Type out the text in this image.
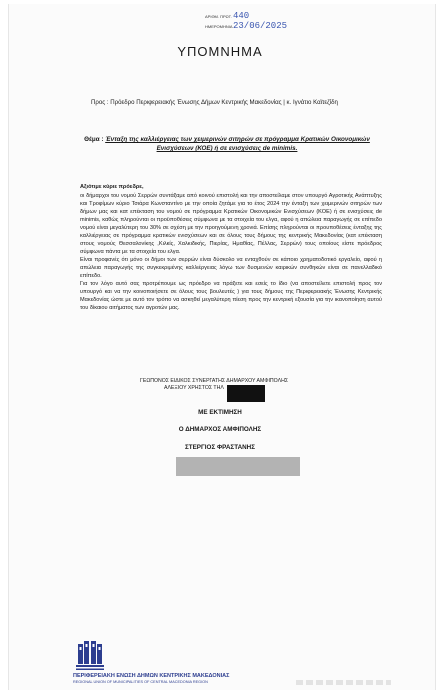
ΑΡΙΘΜ. ΠΡΩΤ.440
ΗΜΕΡΟΜΗΝΙΑ23/06/2025
ΥΠΟΜΝΗΜΑ
Προς : Πρόεδρο Περιφερειακής Ένωσης Δήμων Κεντρικής Μακεδονίας | κ. Ιγνάτιο Καϊτεζίδη
Θέμα : Ένταξη της καλλιέργειας των χειμερινών σιτηρών σε πρόγραμμα Κρατικών Οικονομικών Ενισχύσεων (ΚΟΕ) ή σε ενισχύσεις de minimis.

Αξιότιμε κύριε πρόεδρε,

οι δήμαρχοι του νομού Σερρών συντάξαμε από κοινού επιστολή και την αποστείλαμε στον υπουργό Αγροτικής Ανάπτυξης και Τροφίμων κύριο Τσιάρα Κωνσταντίνο με την οποία ζητάμε για το έτος 2024 την ένταξη των χειμερινών σιτηρών των δήμων μας και κατ επέκταση του νομού σε πρόγραμμα Κρατικών Οικονομικών Ενισχύσεων (ΚΟΕ) ή σε ενισχύσεις de minimis, καθώς πληρούνται οι προϋποθέσεις σύμφωνα με τα στοιχεία του ελγα, αφού η απώλεια παραγωγής σε επίπεδο νομού είναι μεγαλύτερη του 30% σε σχέση με την προηγούμενη χρονιά. Επίσης πληρούνται οι προυποθέσεις ένταξης της καλλιέργειας σε πρόγραμμα κρατικών ενισχύσεων και σε όλους τους δήμους της κεντρικής Μακεδονίας (κατ επέκταση στους νομούς Θεσσαλονίκης ,Κιλκίς, Χαλκιδικής, Πιερίας, Ημαθίας, Πέλλας, Σερρών) τους οποίους είστε πρόεδρος σύμφωνα πάντα με τα στοιχεία του ελγα.

Είναι προφανές ότι μόνο οι δήμοι των σερρών είναι δύσκολο να ενταχθούν σε κάποιο χρηματοδοτικό εργαλείο, αφού η απώλεια παραγωγής της συγκεκριμένης καλλιέργειας λόγω των δυσμενών καιρικών συνθηκών είναι σε πανελλαδικό επίπεδο.

Για τον λόγο αυτό σας προτρέπουμε ως πρόεδρο να πράξετε και εσείς το ίδιο (να αποστείλετε επιστολή προς τον υπουργό και να την κοινοποιήσετε σε όλους τους βουλευτές ) για τους δήμους της Περιφερειακής Ένωσης Κεντρικής Μακεδονίας ώστε με αυτό τον τρόπο να ασκηθεί μεγαλύτερη πίεση προς την κεντρική εξουσία για την ικανοποίηση αυτού του δίκαιου αιτήματος των αγροτών μας.

ΓΕΩΠΟΝΟΣ ΕΙΔΙΚΟΣ ΣΥΝΕΡΓΑΤΗΣ ΔΗΜΑΡΧΟΥ ΑΜΦΙΠΟΛΗΣ
ΑΛΕΞΙΟΥ ΧΡΗΣΤΟΣ ΤΗΛ
ΜΕ ΕΚΤΙΜΗΣΗ
Ο ΔΗΜΑΡΧΟΣ ΑΜΦΙΠΟΛΗΣ
ΣΤΕΡΓΙΟΣ ΦΡΑΣΤΑΝΗΣ
ΠΕΡΙΦΕΡΕΙΑΚΗ ΕΝΩΣΗ ΔΗΜΩΝ ΚΕΝΤΡΙΚΗΣ ΜΑΚΕΔΟΝΙΑΣ
REGIONAL UNION OF MUNICIPALITIES OF CENTRAL MACEDONIA REGION
